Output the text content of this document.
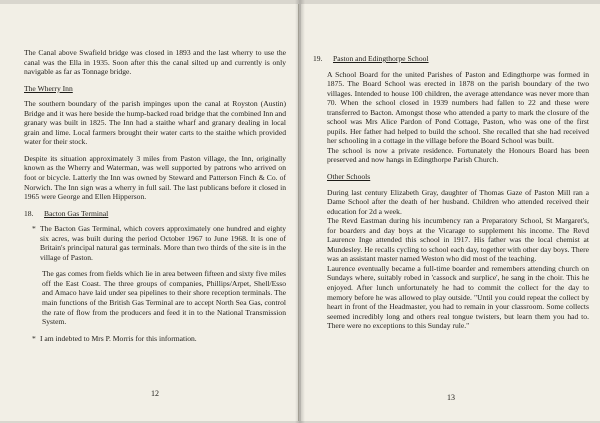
The Canal above Swafield bridge was closed in 1893 and the last wherry to use the canal was the Ella in 1935. Soon after this the canal silted up and currently is only navigable as far as Tonnage bridge.

The Wherry Inn

The southern boundary of the parish impinges upon the canal at Royston (Austin) Bridge and it was here beside the hump-backed road bridge that the combined Inn and granary was built in 1825. The Inn had a staithe wharf and granary dealing in local grain and lime. Local farmers brought their water carts to the staithe which provided water for their stock.

Despite its situation approximately 3 miles from Paston village, the Inn, originally known as the Wherry and Waterman, was well supported by patrons who arrived on foot or bicycle. Latterly the Inn was owned by Steward and Patterson Finch & Co. of Norwich. The Inn sign was a wherry in full sail. The last publicans before it closed in 1965 were George and Ellen Hipperson.

18.	Bacton Gas Terminal

* The Bacton Gas Terminal, which covers approximately one hundred and eighty six acres, was built during the period October 1967 to June 1968. It is one of Britain's principal natural gas terminals. More than two thirds of the site is in the village of Paston.

The gas comes from fields which lie in area between fifteen and sixty five miles off the East Coast. The three groups of companies, Phillips/Arpet, Shell/Esso and Amaco have laid under sea pipelines to their shore reception terminals. The main functions of the British Gas Terminal are to accept North Sea Gas, control the rate of flow from the producers and feed it in to the National Transmission System.

* I am indebted to Mrs P. Morris for this information.

12
19.	Paston and Edingthorpe School

A School Board for the united Parishes of Paston and Edingthorpe was formed in 1875. The Board School was erected in 1878 on the parish boundary of the two villages. Intended to house 100 children, the average attendance was never more than 70. When the school closed in 1939 numbers had fallen to 22 and these were transferred to Bacton. Amongst those who attended a party to mark the closure of the school was Mrs Alice Pardon of Pond Cottage, Paston, who was one of the first pupils. Her father had helped to build the school. She recalled that she had received her schooling in a cottage in the village before the Board School was built.

The school is now a private residence. Fortunately the Honours Board has been preserved and now hangs in Edingthorpe Parish Church.

Other Schools

During last century Elizabeth Gray, daughter of Thomas Gaze of Paston Mill ran a Dame School after the death of her husband. Children who attended received their education for 2d a week.

The Revd Eastman during his incumbency ran a Preparatory School, St Margaret's, for boarders and day boys at the Vicarage to supplement his income. The Revd Laurence Inge attended this school in 1917. His father was the local chemist at Mundesley. He recalls cycling to school each day, together with other day boys. There was an assistant master named Weston who did most of the teaching.

Laurence eventually became a full-time boarder and remembers attending church on Sundays where, suitably robed in 'cassock and surplice', he sang in the choir. This he enjoyed. After lunch unfortunately he had to commit the collect for the day to memory before he was allowed to play outside. "Until you could repeat the collect by heart in front of the Headmaster, you had to remain in your classroom. Some collects seemed incredibly long and others real tongue twisters, but learn them you had to. There were no exceptions to this Sunday rule."

13
